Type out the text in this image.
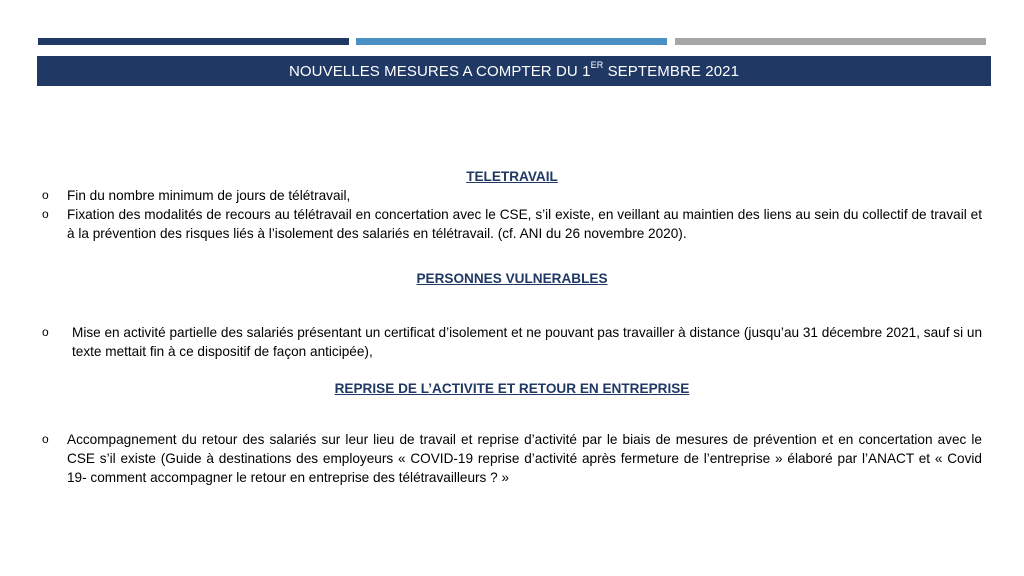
NOUVELLES MESURES A COMPTER DU 1ER SEPTEMBRE 2021

TELETRAVAIL

o Fin du nombre minimum de jours de télétravail,

o Fixation des modalités de recours au télétravail en concertation avec le CSE, s’il existe, en veillant au maintien des liens au sein du collectif de travail et à la prévention des risques liés à l’isolement des salariés en télétravail. (cf. ANI du 26 novembre 2020).

PERSONNES VULNERABLES

o Mise en activité partielle des salariés présentant un certificat d’isolement et ne pouvant pas travailler à distance (jusqu’au 31 décembre 2021, sauf si un texte mettait fin à ce dispositif de façon anticipée),

REPRISE DE L’ACTIVITE ET RETOUR EN ENTREPRISE

o Accompagnement du retour des salariés sur leur lieu de travail et reprise d’activité par le biais de mesures de prévention et en concertation avec le CSE s’il existe (Guide à destinations des employeurs « COVID-19 reprise d’activité après fermeture de l’entreprise » élaboré par l’ANACT et « Covid 19- comment accompagner le retour en entreprise des télétravailleurs ? »
